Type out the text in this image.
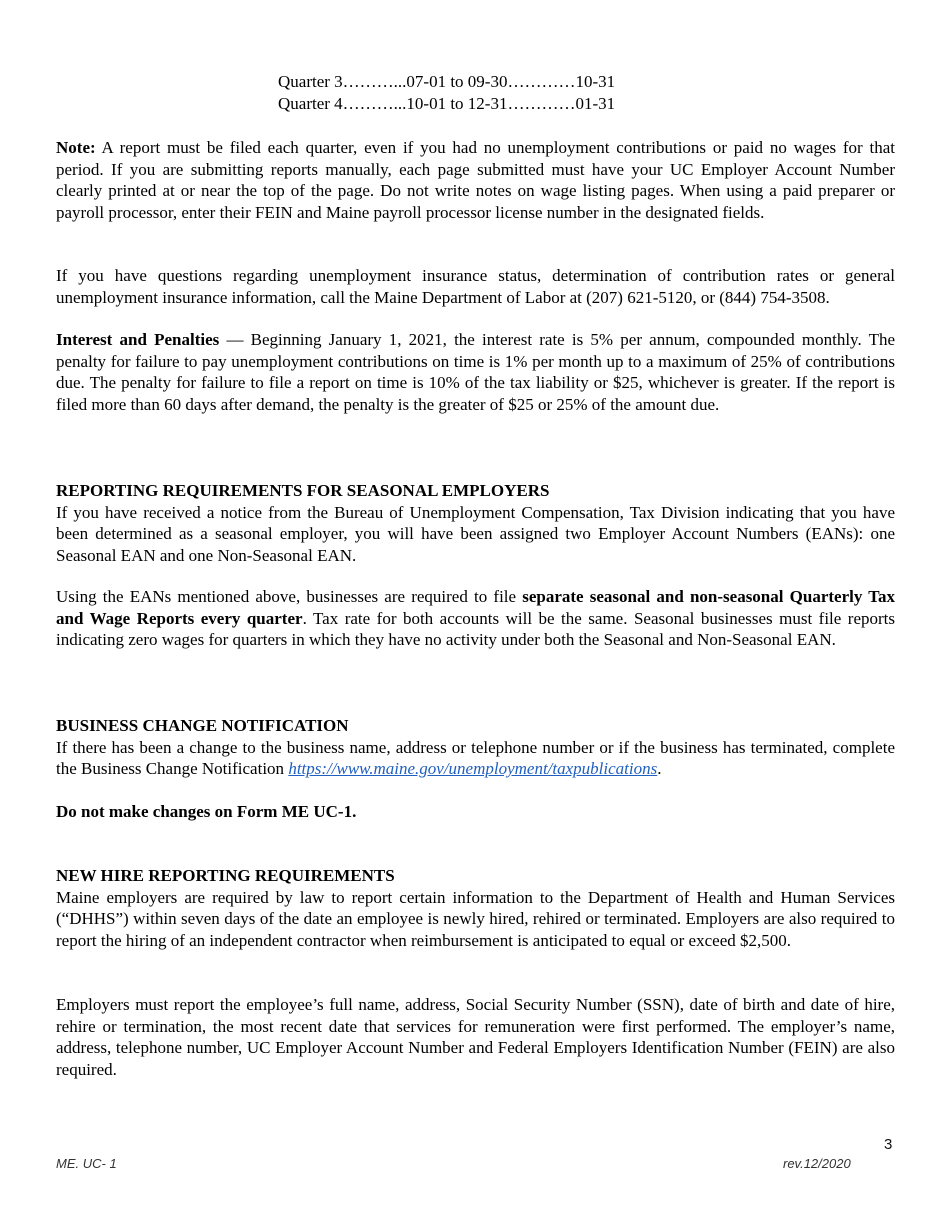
Quarter 3………...07-01 to 09-30…………10-31
Quarter 4………...10-01 to 12-31…………01-31

Note: A report must be filed each quarter, even if you had no unemployment contributions or paid no wages for that period. If you are submitting reports manually, each page submitted must have your UC Employer Account Number clearly printed at or near the top of the page. Do not write notes on wage listing pages. When using a paid preparer or payroll processor, enter their FEIN and Maine payroll processor license number in the designated fields.

If you have questions regarding unemployment insurance status, determination of contribution rates or general unemployment insurance information, call the Maine Department of Labor at (207) 621-5120, or (844) 754-3508.

Interest and Penalties — Beginning January 1, 2021, the interest rate is 5% per annum, compounded monthly. The penalty for failure to pay unemployment contributions on time is 1% per month up to a maximum of 25% of contributions due. The penalty for failure to file a report on time is 10% of the tax liability or $25, whichever is greater. If the report is filed more than 60 days after demand, the penalty is the greater of $25 or 25% of the amount due.

REPORTING REQUIREMENTS FOR SEASONAL EMPLOYERS

If you have received a notice from the Bureau of Unemployment Compensation, Tax Division indicating that you have been determined as a seasonal employer, you will have been assigned two Employer Account Numbers (EANs): one Seasonal EAN and one Non-Seasonal EAN.

Using the EANs mentioned above, businesses are required to file separate seasonal and non-seasonal Quarterly Tax and Wage Reports every quarter. Tax rate for both accounts will be the same. Seasonal businesses must file reports indicating zero wages for quarters in which they have no activity under both the Seasonal and Non-Seasonal EAN.

BUSINESS CHANGE NOTIFICATION

If there has been a change to the business name, address or telephone number or if the business has terminated, complete the Business Change Notification https://www.maine.gov/unemployment/taxpublications.

Do not make changes on Form ME UC-1.

NEW HIRE REPORTING REQUIREMENTS

Maine employers are required by law to report certain information to the Department of Health and Human Services (“DHHS”) within seven days of the date an employee is newly hired, rehired or terminated. Employers are also required to report the hiring of an independent contractor when reimbursement is anticipated to equal or exceed $2,500.

Employers must report the employee’s full name, address, Social Security Number (SSN), date of birth and date of hire, rehire or termination, the most recent date that services for remuneration were first performed. The employer’s name, address, telephone number, UC Employer Account Number and Federal Employers Identification Number (FEIN) are also required.

3
ME. UC- 1	rev.12/2020
